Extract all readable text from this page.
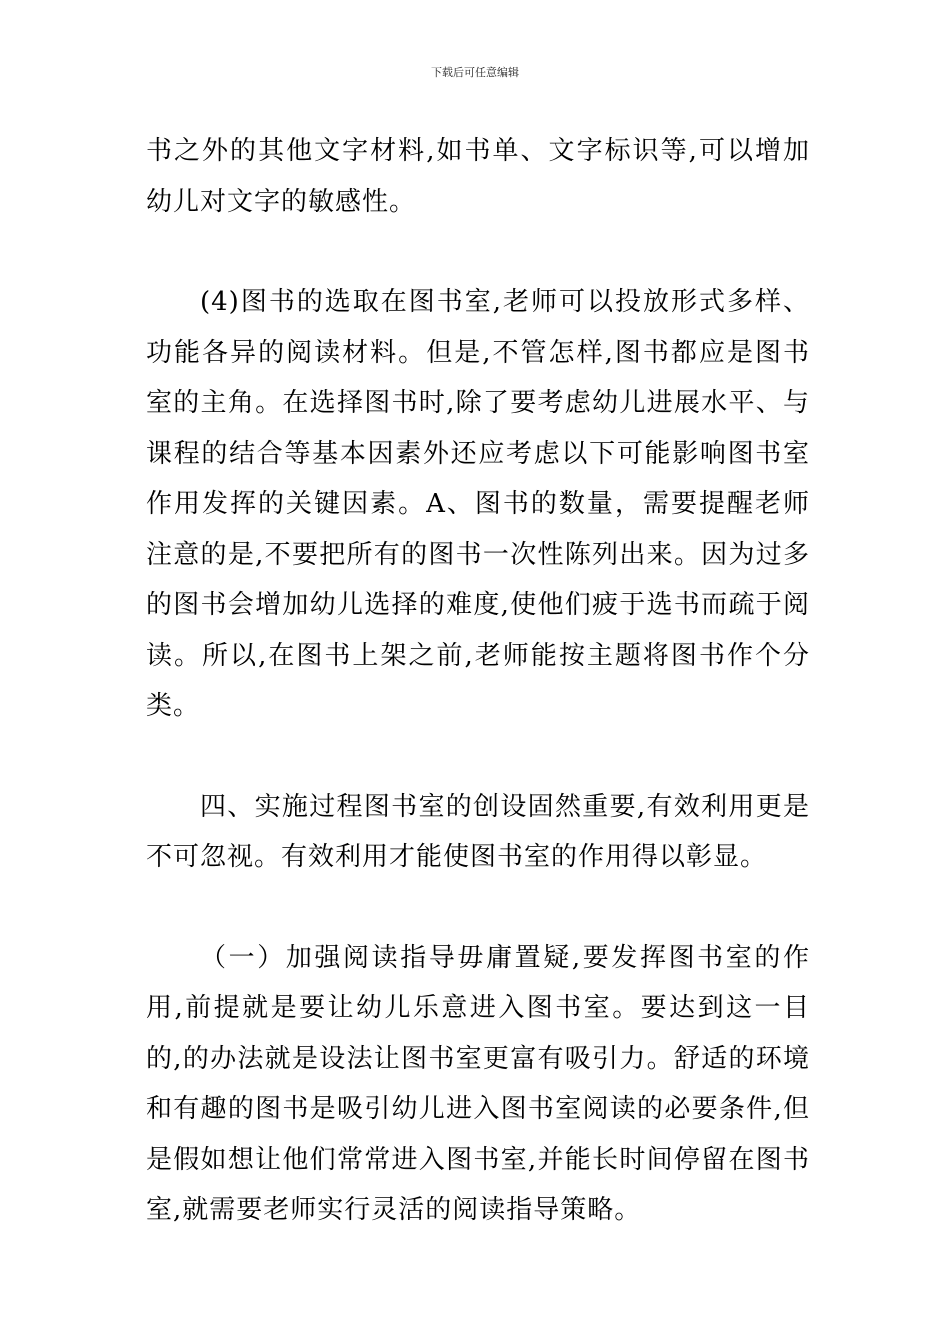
下载后可任意编辑

书之外的其他文字材料,如书单、文字标识等,可以增加幼儿对文字的敏感性。

(4)图书的选取在图书室,老师可以投放形式多样、功能各异的阅读材料。但是,不管怎样,图书都应是图书室的主角。在选择图书时,除了要考虑幼儿进展水平、与课程的结合等基本因素外还应考虑以下可能影响图书室作用发挥的关键因素。A、图书的数量，需要提醒老师注意的是,不要把所有的图书一次性陈列出来。因为过多的图书会增加幼儿选择的难度,使他们疲于选书而疏于阅读。所以,在图书上架之前,老师能按主题将图书作个分类。

四、实施过程图书室的创设固然重要,有效利用更是不可忽视。有效利用才能使图书室的作用得以彰显。

（一）加强阅读指导毋庸置疑,要发挥图书室的作用,前提就是要让幼儿乐意进入图书室。要达到这一目的,的办法就是设法让图书室更富有吸引力。舒适的环境和有趣的图书是吸引幼儿进入图书室阅读的必要条件,但是假如想让他们常常进入图书室,并能长时间停留在图书室,就需要老师实行灵活的阅读指导策略。
